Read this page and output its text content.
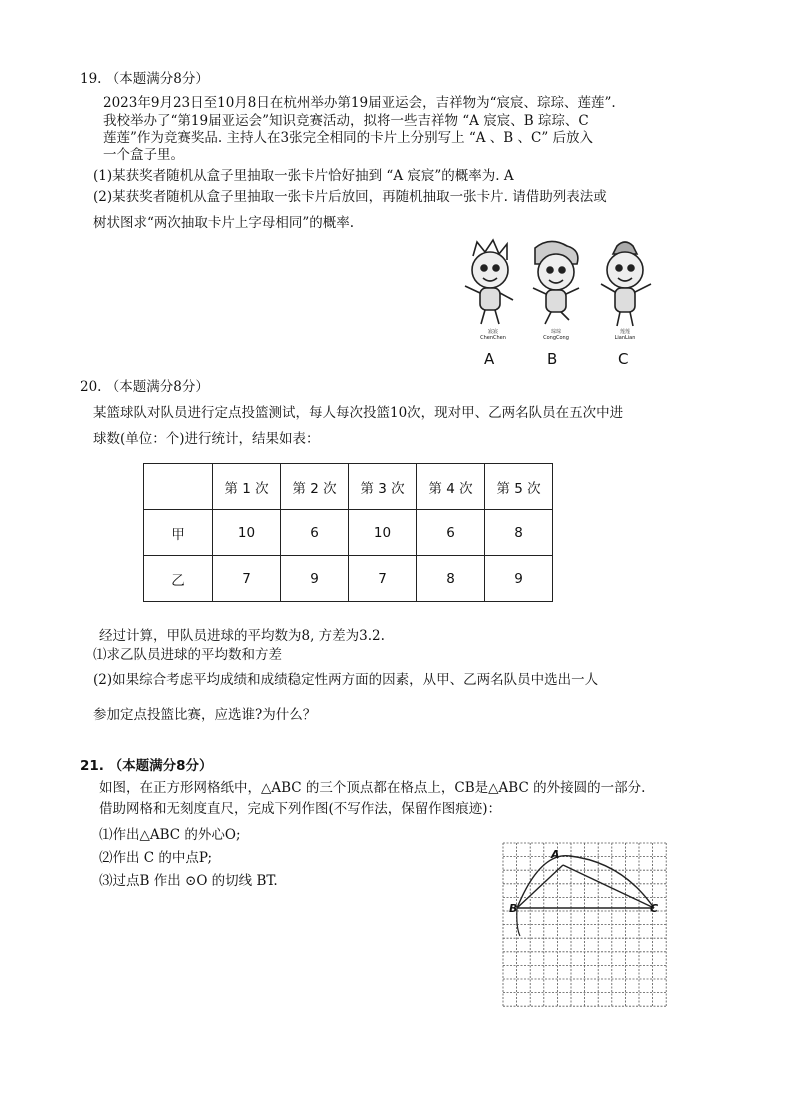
19. （本题满分8分）
2023年9月23日至10月8日在杭州举办第19届亚运会，吉祥物为“宸宸、琮琮、莲莲”.
我校举办了“第19届亚运会”知识竞赛活动，拟将一些吉祥物 “A 宸宸、B 琮琮、C
莲莲”作为竞赛奖品. 主持人在3张完全相同的卡片上分别写上 “A 、B 、C” 后放入
一个盒子里。
(1)某获奖者随机从盒子里抽取一张卡片恰好抽到 “A 宸宸”的概率为. A
(2)某获奖者随机从盒子里抽取一张卡片后放回，再随机抽取一张卡片. 请借助列表法或
树状图求“两次抽取卡片上字母相同”的概率.
宸宸
ChenChen
琮琮
CongCong
莲莲
LianLian
A	B	C
20. （本题满分8分）
某篮球队对队员进行定点投篮测试，每人每次投篮10次，现对甲、乙两名队员在五次中进
球数(单位：个)进行统计，结果如表：
	第 1 次	第 2 次	第 3 次	第 4 次	第 5 次
甲	10	6	10	6	8
乙	7	9	7	8	9
经过计算，甲队员进球的平均数为8, 方差为3.2.
⑴求乙队员进球的平均数和方差
(2)如果综合考虑平均成绩和成绩稳定性两方面的因素，从甲、乙两名队员中选出一人
参加定点投篮比赛，应选谁?为什么？
21. （本题满分8分）
如图，在正方形网格纸中，△ABC 的三个顶点都在格点上，CB是△ABC 的外接圆的一部分.
借助网格和无刻度直尺，完成下列作图(不写作法，保留作图痕迹)：
⑴作出△ABC 的外心O;
⑵作出 C 的中点P;
⑶过点B 作出 ⊙O 的切线 BT.
A
B	C
